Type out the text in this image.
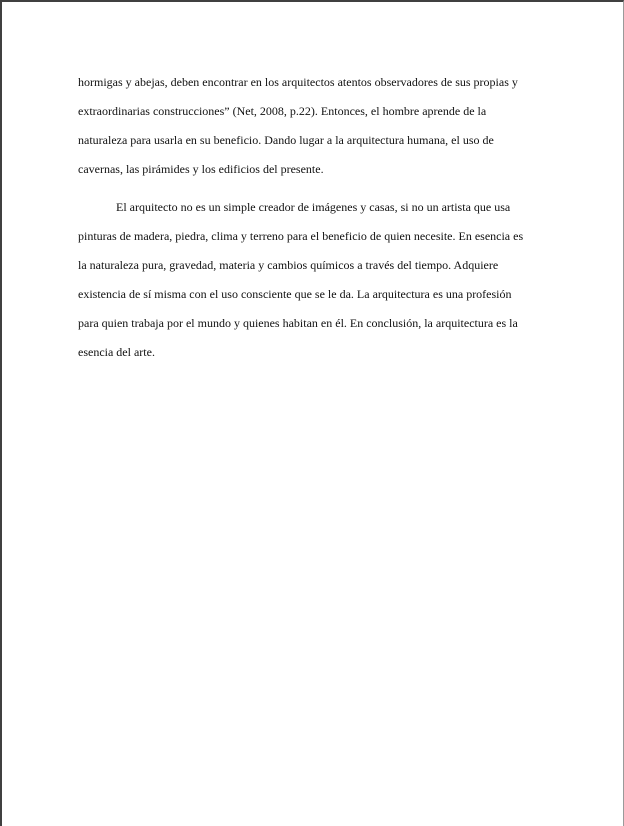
hormigas y abejas, deben encontrar en los arquitectos atentos observadores de sus propias y
extraordinarias construcciones” (Net, 2008, p.22). Entonces, el hombre aprende de la
naturaleza para usarla en su beneficio. Dando lugar a la arquitectura humana, el uso de
cavernas, las pirámides y los edificios del presente.

El arquitecto no es un simple creador de imágenes y casas, si no un artista que usa
pinturas de madera, piedra, clima y terreno para el beneficio de quien necesite. En esencia es
la naturaleza pura, gravedad, materia y cambios químicos a través del tiempo. Adquiere
existencia de sí misma con el uso consciente que se le da. La arquitectura es una profesión
para quien trabaja por el mundo y quienes habitan en él. En conclusión, la arquitectura es la
esencia del arte.
